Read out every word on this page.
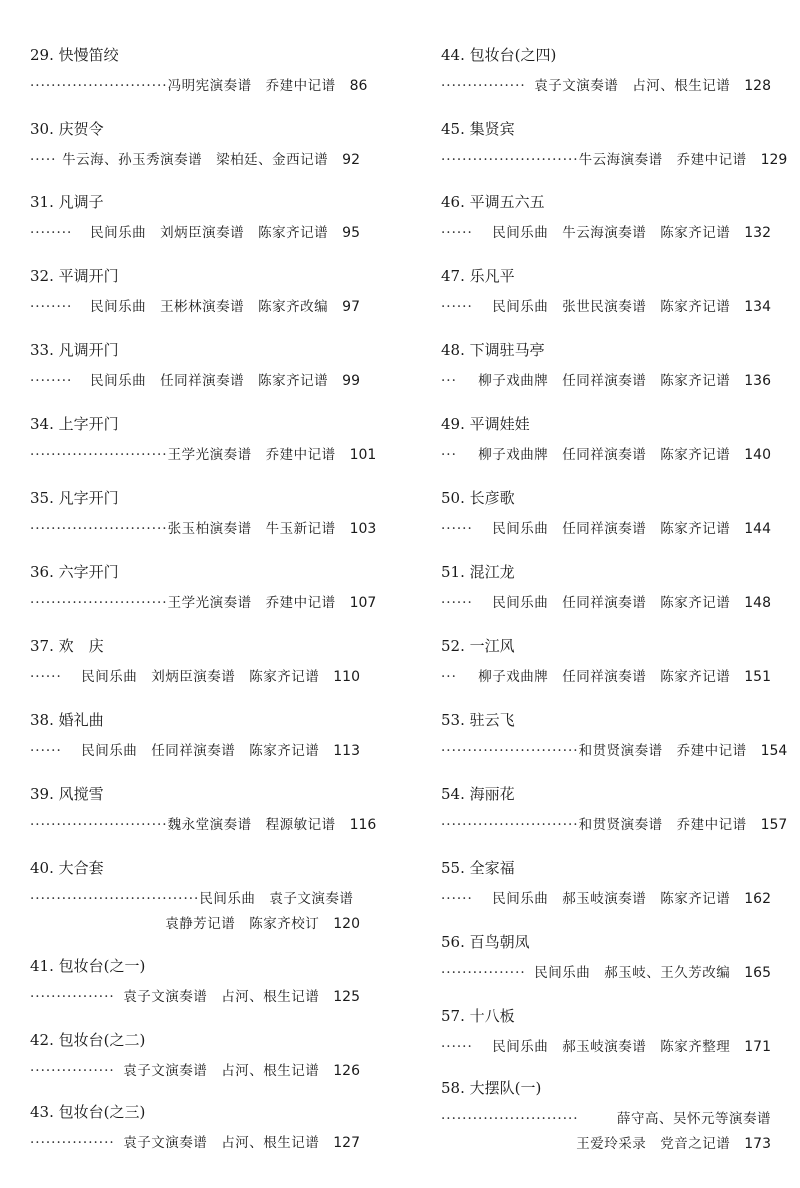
29. 快慢笛绞
·························· 冯明宪演奏谱　乔建中记谱 86
30. 庆贺令
····· 牛云海、孙玉秀演奏谱　梁柏廷、金西记谱 92
31. 凡调子
········	民间乐曲　刘炳臣演奏谱　陈家齐记谱 95
32. 平调开门
········	民间乐曲　王彬林演奏谱　陈家齐改编 97
33. 凡调开门
········	民间乐曲　任同祥演奏谱　陈家齐记谱 99
34. 上字开门
·························· 王学光演奏谱　乔建中记谱 101
35. 凡字开门
·························· 张玉柏演奏谱　牛玉新记谱 103
36. 六字开门
·························· 王学光演奏谱　乔建中记谱 107
37. 欢　庆
······	民间乐曲　刘炳臣演奏谱　陈家齐记谱 110
38. 婚礼曲
······	民间乐曲　任同祥演奏谱　陈家齐记谱 113
39. 风搅雪
·························· 魏永堂演奏谱　程源敏记谱 116
40. 大合套
································ 民间乐曲　袁子文演奏谱
袁静芳记谱　陈家齐校订 120
41. 包妆台(之一)
················ 袁子文演奏谱　占河、根生记谱 125
42. 包妆台(之二)
················ 袁子文演奏谱　占河、根生记谱 126
43. 包妆台(之三)
················ 袁子文演奏谱　占河、根生记谱 127
44. 包妆台(之四)
················ 袁子文演奏谱　占河、根生记谱 128
45. 集贤宾
·························· 牛云海演奏谱　乔建中记谱 129
46. 平调五六五
······	民间乐曲　牛云海演奏谱　陈家齐记谱 132
47. 乐凡平
······	民间乐曲　张世民演奏谱　陈家齐记谱 134
48. 下调驻马亭
···	柳子戏曲牌　任同祥演奏谱　陈家齐记谱 136
49. 平调娃娃
···	柳子戏曲牌　任同祥演奏谱　陈家齐记谱 140
50. 长彦歌
······	民间乐曲　任同祥演奏谱　陈家齐记谱 144
51. 混江龙
······	民间乐曲　任同祥演奏谱　陈家齐记谱 148
52. 一江风
···	柳子戏曲牌　任同祥演奏谱　陈家齐记谱 151
53. 驻云飞
·························· 和贯贤演奏谱　乔建中记谱 154
54. 海丽花
·························· 和贯贤演奏谱　乔建中记谱 157
55. 全家福
······	民间乐曲　郝玉岐演奏谱　陈家齐记谱 162
56. 百鸟朝凤
················ 民间乐曲　郝玉岐、王久芳改编 165
57. 十八板
······	民间乐曲　郝玉岐演奏谱　陈家齐整理 171
58. 大摆队(一)
··························	薛守高、吴怀元等演奏谱
王爱玲采录　党音之记谱 173
